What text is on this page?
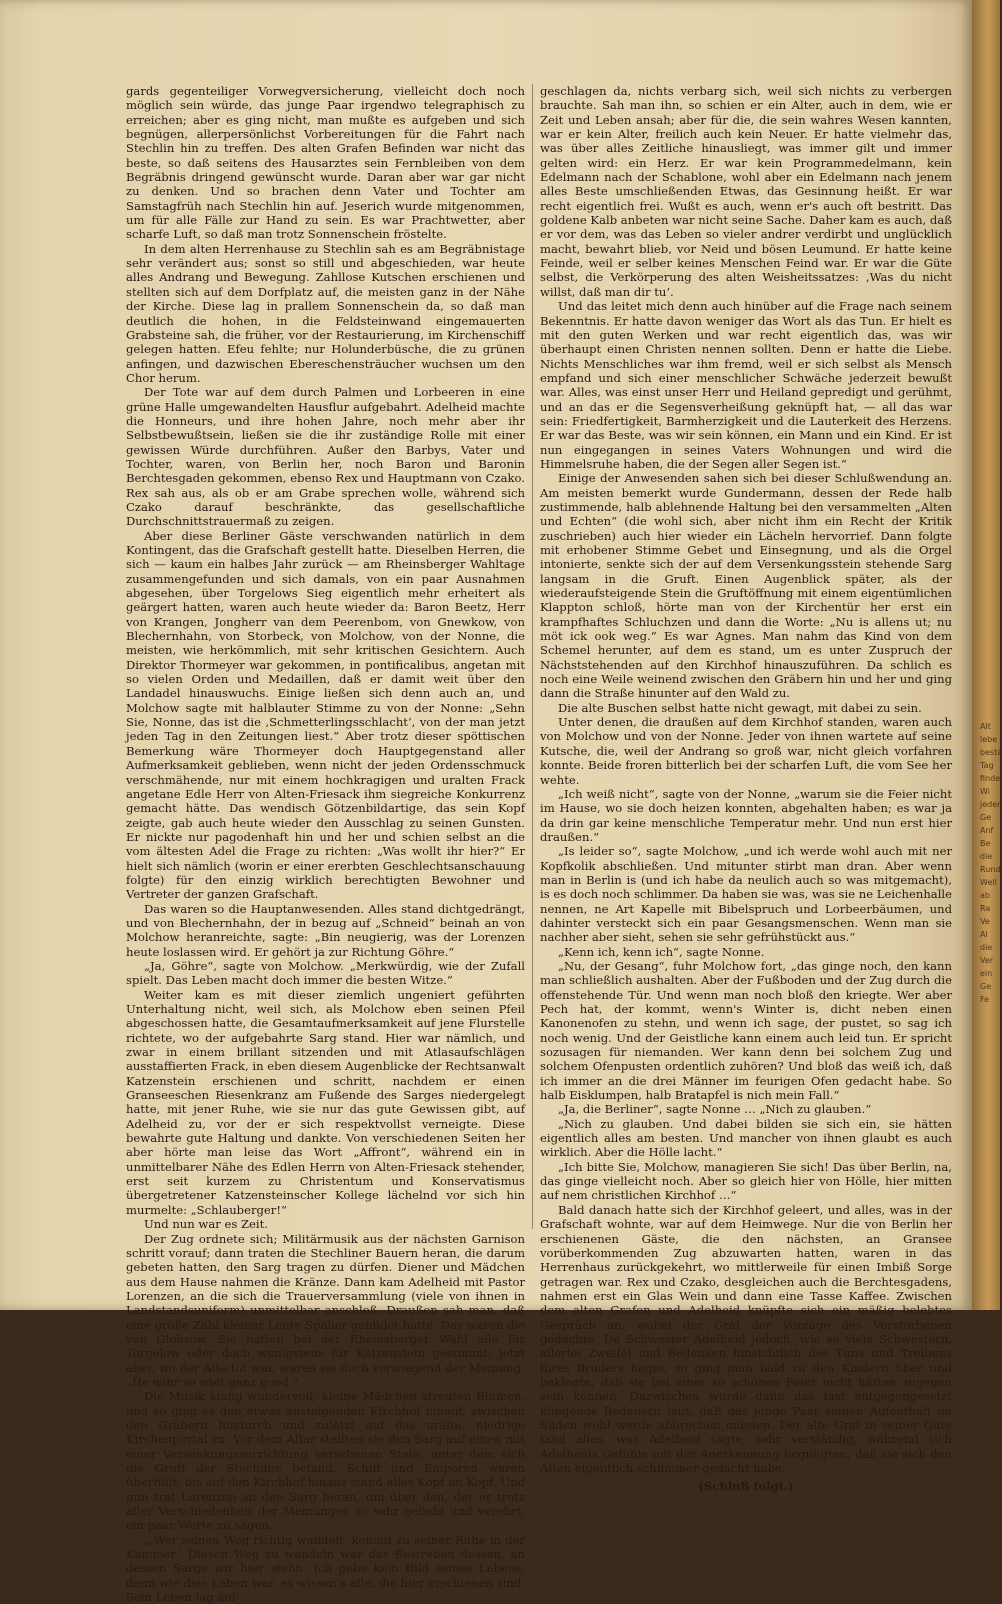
gards gegenteiliger Vorwegversicherung, vielleicht doch noch möglich sein würde, das junge Paar irgendwo telegraphisch zu erreichen; aber es ging nicht, man mußte es aufgeben und sich begnügen, allerpersönlichst Vorbereitungen für die Fahrt nach Stechlin hin zu treffen. Des alten Grafen Befinden war nicht das beste, so daß seitens des Hausarztes sein Fernbleiben von dem Begräbnis dringend gewünscht wurde. Daran aber war gar nicht zu denken. Und so brachen denn Vater und Tochter am Samstagfrüh nach Stechlin hin auf. Jeserich wurde mitgenommen, um für alle Fälle zur Hand zu sein. Es war Prachtwetter, aber scharfe Luft, so daß man trotz Sonnenschein fröstelte.

In dem alten Herrenhause zu Stechlin sah es am Begräbnistage sehr verändert aus; sonst so still und abgeschieden, war heute alles Andrang und Bewegung. Zahllose Kutschen erschienen und stellten sich auf dem Dorfplatz auf, die meisten ganz in der Nähe der Kirche. Diese lag in prallem Sonnenschein da, so daß man deutlich die hohen, in die Feldsteinwand eingemauerten Grabsteine sah, die früher, vor der Restaurierung, im Kirchenschiff gelegen hatten. Efeu fehlte; nur Holunderbüsche, die zu grünen anfingen, und dazwischen Ebereschensträucher wuchsen um den Chor herum.

Der Tote war auf dem durch Palmen und Lorbeeren in eine grüne Halle umgewandelten Hausflur aufgebahrt. Adelheid machte die Honneurs, und ihre hohen Jahre, noch mehr aber ihr Selbstbewußtsein, ließen sie die ihr zuständige Rolle mit einer gewissen Würde durchführen. Außer den Barbys, Vater und Tochter, waren, von Berlin her, noch Baron und Baronin Berchtesgaden gekommen, ebenso Rex und Hauptmann von Czako. Rex sah aus, als ob er am Grabe sprechen wolle, während sich Czako darauf beschränkte, das gesellschaftliche Durchschnittstrauermaß zu zeigen.

Aber diese Berliner Gäste verschwanden natürlich in dem Kontingent, das die Grafschaft gestellt hatte. Dieselben Herren, die sich — kaum ein halbes Jahr zurück — am Rheinsberger Wahltage zusammengefunden und sich damals, von ein paar Ausnahmen abgesehen, über Torgelows Sieg eigentlich mehr erheitert als geärgert hatten, waren auch heute wieder da: Baron Beetz, Herr von Krangen, Jongherr van dem Peerenbom, von Gnewkow, von Blechernhahn, von Storbeck, von Molchow, von der Nonne, die meisten, wie herkömmlich, mit sehr kritischen Gesichtern. Auch Direktor Thormeyer war gekommen, in pontificalibus, angetan mit so vielen Orden und Medaillen, daß er damit weit über den Landadel hinauswuchs. Einige ließen sich denn auch an, und Molchow sagte mit halblauter Stimme zu von der Nonne: „Sehn Sie, Nonne, das ist die ‚Schmetterlingsschlacht‘, von der man jetzt jeden Tag in den Zeitungen liest.“ Aber trotz dieser spöttischen Bemerkung wäre Thormeyer doch Hauptgegenstand aller Aufmerksamkeit geblieben, wenn nicht der jeden Ordensschmuck verschmähende, nur mit einem hochkragigen und uralten Frack angetane Edle Herr von Alten-Friesack ihm siegreiche Konkurrenz gemacht hätte. Das wendisch Götzenbildartige, das sein Kopf zeigte, gab auch heute wieder den Ausschlag zu seinen Gunsten. Er nickte nur pagodenhaft hin und her und schien selbst an die vom ältesten Adel die Frage zu richten: „Was wollt ihr hier?“ Er hielt sich nämlich (worin er einer ererbten Geschlechtsanschauung folgte) für den einzig wirklich berechtigten Bewohner und Vertreter der ganzen Grafschaft.

Das waren so die Hauptanwesenden. Alles stand dichtgedrängt, und von Blechernhahn, der in bezug auf „Schneid“ beinah an von Molchow heranreichte, sagte: „Bin neugierig, was der Lorenzen heute loslassen wird. Er gehört ja zur Richtung Göhre.“

„Ja, Göhre“, sagte von Molchow. „Merkwürdig, wie der Zufall spielt. Das Leben macht doch immer die besten Witze.“

Weiter kam es mit dieser ziemlich ungeniert geführten Unterhaltung nicht, weil sich, als Molchow eben seinen Pfeil abgeschossen hatte, die Gesamtaufmerksamkeit auf jene Flurstelle richtete, wo der aufgebahrte Sarg stand. Hier war nämlich, und zwar in einem brillant sitzenden und mit Atlasaufschlägen ausstaffierten Frack, in eben diesem Augenblicke der Rechtsanwalt Katzenstein erschienen und schritt, nachdem er einen Granseeschen Riesenkranz am Fußende des Sarges niedergelegt hatte, mit jener Ruhe, wie sie nur das gute Gewissen gibt, auf Adelheid zu, vor der er sich respektvollst verneigte. Diese bewahrte gute Haltung und dankte. Von verschiedenen Seiten her aber hörte man leise das Wort „Affront“, während ein in unmittelbarer Nähe des Edlen Herrn von Alten-Friesack stehender, erst seit kurzem zu Christentum und Konservatismus übergetretener Katzensteinscher Kollege lächelnd vor sich hin murmelte: „Schlauberger!“

Und nun war es Zeit.

Der Zug ordnete sich; Militärmusik aus der nächsten Garnison schritt vorauf; dann traten die Stechliner Bauern heran, die darum gebeten hatten, den Sarg tragen zu dürfen. Diener und Mädchen aus dem Hause nahmen die Kränze. Dann kam Adelheid mit Pastor Lorenzen, an die sich die Trauerversammlung (viele von ihnen in Landstandsuniform) unmittelbar anschloß. Draußen sah man, daß eine große Zahl kleiner Leute Spalier gebildet hatte. Das waren die von Globsow. Sie hatten bei der Rheinsberger Wahl alle für Torgelow oder doch wenigstens für Katzenstein gestimmt; jetzt aber, wo der Alte tot war, waren sie doch vorwiegend der Meinung: „He wihr so wiet ganz good.“

Die Musik klang wundervoll; kleine Mädchen streuten Blumen, und so ging es den etwas ansteigenden Kirchhof hinauf, zwischen den Gräbern hindurch und zuletzt auf das uralte, niedrige Kirchenportal zu. Vor dem Altar stellten sie den Sarg auf einen mit einer Versenkungsvorrichtung versehenen Stein, unter dem sich die Gruft der Stechline befand. Schiff und Emporen waren überfüllt; bis auf den Kirchhof hinaus stand alles Kopf an Kopf. Und nun trat Lorenzen an den Sarg heran, um über den, der er trotz aller Verschiedenheit der Meinungen so sehr geliebt und verehrt, ein paar Worte zu sagen.

„‚Wer seinen Weg richtig wandelt, kommt zu seiner Ruhe in der Kammer.‘ Diesen Weg zu wandeln war das Bestreben dessen, an dessen Sarge wir hier stehn. Ich gebe kein Bild seines Lebens, denn wie dies Leben war, es wissen's alle, die hier erschienen sind. Sein Leben lag auf-

geschlagen da, nichts verbarg sich, weil sich nichts zu verbergen brauchte. Sah man ihn, so schien er ein Alter, auch in dem, wie er Zeit und Leben ansah; aber für die, die sein wahres Wesen kannten, war er kein Alter, freilich auch kein Neuer. Er hatte vielmehr das, was über alles Zeitliche hinausliegt, was immer gilt und immer gelten wird: ein Herz. Er war kein Programmedelmann, kein Edelmann nach der Schablone, wohl aber ein Edelmann nach jenem alles Beste umschließenden Etwas, das Gesinnung heißt. Er war recht eigentlich frei. Wußt es auch, wenn er's auch oft bestritt. Das goldene Kalb anbeten war nicht seine Sache. Daher kam es auch, daß er vor dem, was das Leben so vieler andrer verdirbt und unglücklich macht, bewahrt blieb, vor Neid und bösen Leumund. Er hatte keine Feinde, weil er selber keines Menschen Feind war. Er war die Güte selbst, die Verkörperung des alten Weisheitssatzes: ‚Was du nicht willst, daß man dir tu‘.

Und das leitet mich denn auch hinüber auf die Frage nach seinem Bekenntnis. Er hatte davon weniger das Wort als das Tun. Er hielt es mit den guten Werken und war recht eigentlich das, was wir überhaupt einen Christen nennen sollten. Denn er hatte die Liebe. Nichts Menschliches war ihm fremd, weil er sich selbst als Mensch empfand und sich einer menschlicher Schwäche jederzeit bewußt war. Alles, was einst unser Herr und Heiland gepredigt und gerühmt, und an das er die Segensverheißung geknüpft hat, — all das war sein: Friedfertigkeit, Barmherzigkeit und die Lauterkeit des Herzens. Er war das Beste, was wir sein können, ein Mann und ein Kind. Er ist nun eingegangen in seines Vaters Wohnungen und wird die Himmelsruhe haben, die der Segen aller Segen ist.“

Einige der Anwesenden sahen sich bei dieser Schlußwendung an. Am meisten bemerkt wurde Gundermann, dessen der Rede halb zustimmende, halb ablehnende Haltung bei den versammelten „Alten und Echten“ (die wohl sich, aber nicht ihm ein Recht der Kritik zuschrieben) auch hier wieder ein Lächeln hervorrief. Dann folgte mit erhobener Stimme Gebet und Einsegnung, und als die Orgel intonierte, senkte sich der auf dem Versenkungsstein stehende Sarg langsam in die Gruft. Einen Augenblick später, als der wiederaufsteigende Stein die Gruftöffnung mit einem eigentümlichen Klappton schloß, hörte man von der Kirchentür her erst ein krampfhaftes Schluchzen und dann die Worte: „Nu is allens ut; nu möt ick ook weg.“ Es war Agnes. Man nahm das Kind von dem Schemel herunter, auf dem es stand, um es unter Zuspruch der Nächststehenden auf den Kirchhof hinauszuführen. Da schlich es noch eine Weile weinend zwischen den Gräbern hin und her und ging dann die Straße hinunter auf den Wald zu.

Die alte Buschen selbst hatte nicht gewagt, mit dabei zu sein.

Unter denen, die draußen auf dem Kirchhof standen, waren auch von Molchow und von der Nonne. Jeder von ihnen wartete auf seine Kutsche, die, weil der Andrang so groß war, nicht gleich vorfahren konnte. Beide froren bitterlich bei der scharfen Luft, die vom See her wehte.

„Ich weiß nicht“, sagte von der Nonne, „warum sie die Feier nicht im Hause, wo sie doch heizen konnten, abgehalten haben; es war ja da drin gar keine menschliche Temperatur mehr. Und nun erst hier draußen.“

„Is leider so“, sagte Molchow, „und ich werde wohl auch mit ner Kopfkolik abschließen. Und mitunter stirbt man dran. Aber wenn man in Berlin is (und ich habe da neulich auch so was mitgemacht), is es doch noch schlimmer. Da haben sie was, was sie ne Leichenhalle nennen, ne Art Kapelle mit Bibelspruch und Lorbeerbäumen, und dahinter versteckt sich ein paar Gesangsmenschen. Wenn man sie nachher aber sieht, sehen sie sehr gefrühstückt aus.“

„Kenn ich, kenn ich“, sagte Nonne.

„Nu, der Gesang“, fuhr Molchow fort, „das ginge noch, den kann man schließlich aushalten. Aber der Fußboden und der Zug durch die offenstehende Tür. Und wenn man noch bloß den kriegte. Wer aber Pech hat, der kommt, wenn's Winter is, dicht neben einen Kanonenofen zu stehn, und wenn ich sage, der pustet, so sag ich noch wenig. Und der Geistliche kann einem auch leid tun. Er spricht sozusagen für niemanden. Wer kann denn bei solchem Zug und solchem Ofenpusten ordentlich zuhören? Und bloß das weiß ich, daß ich immer an die drei Männer im feurigen Ofen gedacht habe. So halb Eisklumpen, halb Bratapfel is nich mein Fall.“

„Ja, die Berliner“, sagte Nonne … „Nich zu glauben.“

„Nich zu glauben. Und dabei bilden sie sich ein, sie hätten eigentlich alles am besten. Und mancher von ihnen glaubt es auch wirklich. Aber die Hölle lacht.“

„Ich bitte Sie, Molchow, managieren Sie sich! Das über Berlin, na, das ginge vielleicht noch. Aber so gleich hier von Hölle, hier mitten auf nem christlichen Kirchhof …“

Bald danach hatte sich der Kirchhof geleert, und alles, was in der Grafschaft wohnte, war auf dem Heimwege. Nur die von Berlin her erschienenen Gäste, die den nächsten, an Gransee vorüberkommenden Zug abzuwarten hatten, waren in das Herrenhaus zurückgekehrt, wo mittlerweile für einen Imbiß Sorge getragen war. Rex und Czako, desgleichen auch die Berchtesgadens, nahmen erst ein Glas Wein und dann eine Tasse Kaffee. Zwischen dem alten Grafen und Adelheid knüpfte sich ein mäßig belebtes Gespräch an, wobei der Graf der Vorzüge des Verstorbenen gedachte. Da Schwester Adelheid jedoch, wie so viele Schwestern, allerlei Zweifel und Bedenken hinsichtlich des Tuns und Treibens ihres Bruders hegte, so ging man bald zu den Kindern über und beklagte, daß sie bei einer so schönen Feier nicht hätten zugegen sein können. Dazwischen wurde dann das fast entgegengesetzt klingende Bedauern laut, daß das junge Paar seinen Aufenthalt im Süden wohl werde abbrechen müssen. Der alte Graf in seiner Güte fand alles, was Adelheid sagte, sehr verständig, während sich Adelheids Gefühle mit der Anerkennung begnügten, daß sie sich den Alten eigentlich schlimmer gedacht habe.

(Schluß folgt.)
Alt
lebe
bestä
Tag
finde
Wi
jeder
Ge
Anf
Be
die
Rund
Well
ab
Ra
Ve
Al
die
Ver
ein
Ge
Fe
